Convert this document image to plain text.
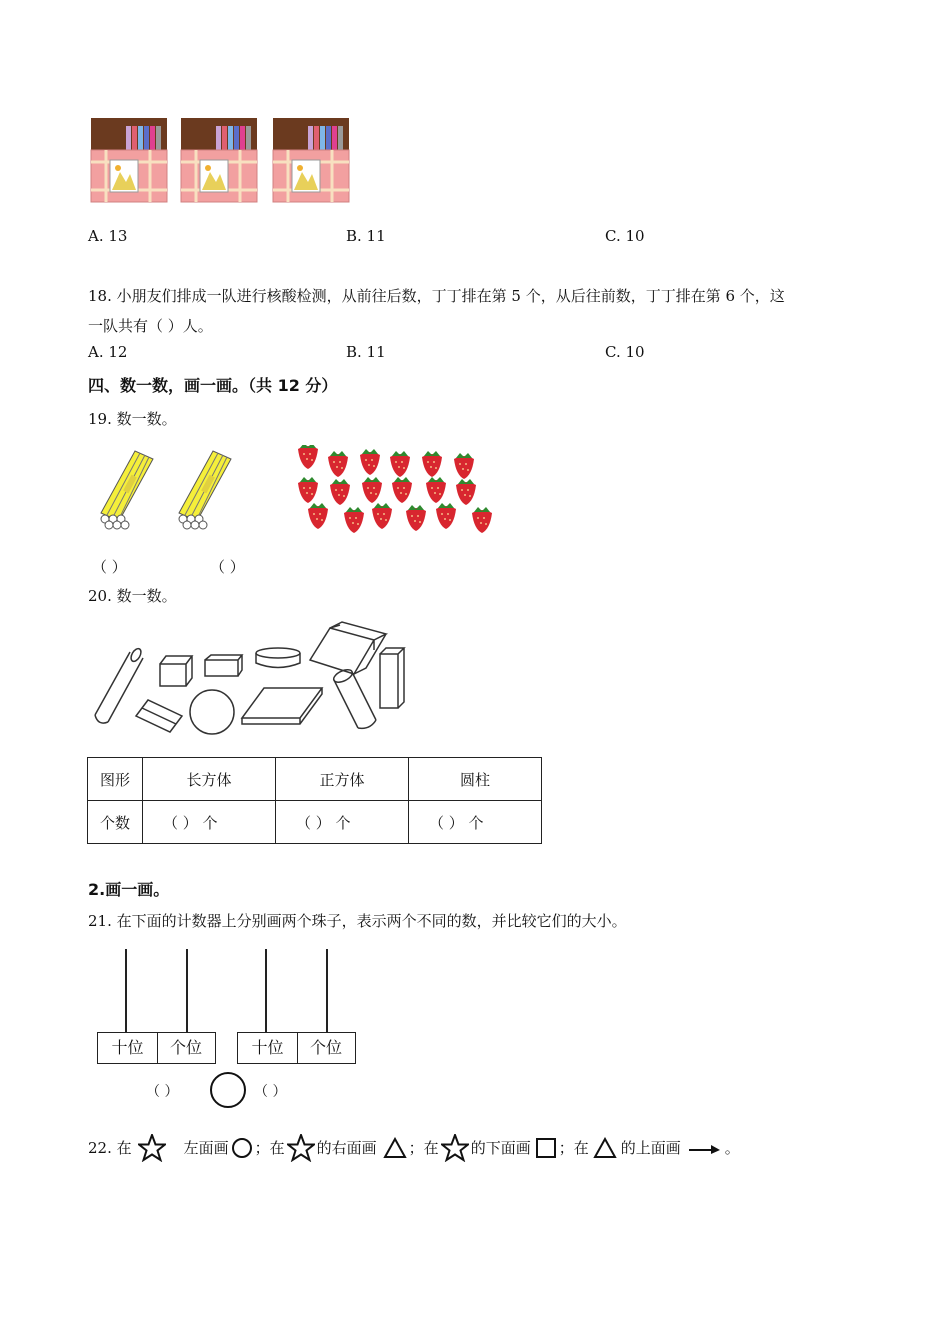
A. 13	B. 11	C. 10
18. 小朋友们排成一队进行核酸检测，从前往后数，丁丁排在第 5 个，从后往前数，丁丁排在第 6 个，这
一队共有（ ）人。
A. 12	B. 11	C. 10
四、数一数，画一画。（共 12 分）
19. 数一数。
（ ）	（ ）
20. 数一数。
图形	长方体	正方体	圆柱
个数	（ ） 个	（ ） 个	（ ） 个
2.画一画。
21. 在下面的计数器上分别画两个珠子，表示两个不同的数，并比较它们的大小。
十位	个位	十位	个位
（ ）	（ ）
22. 在	左面画 ；在 的右面画 ；在 的下面画 ；在 的上面画	。
